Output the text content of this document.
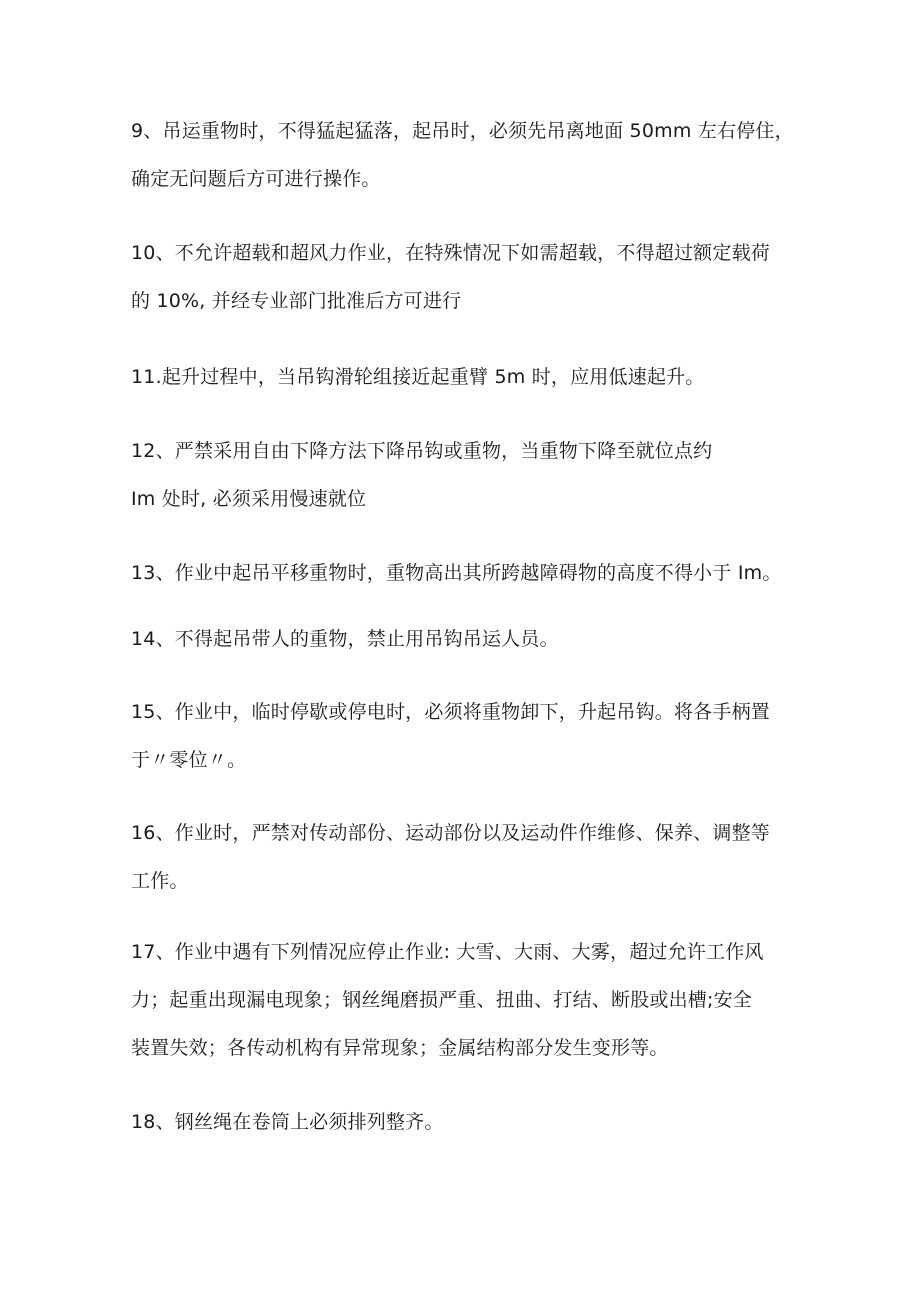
9、吊运重物时，不得猛起猛落，起吊时，必须先吊离地面 50mm 左右停住，
确定无问题后方可进行操作。
10、不允许超载和超风力作业，在特殊情况下如需超载，不得超过额定载荷
的 10%, 并经专业部门批准后方可进行
11.起升过程中，当吊钩滑轮组接近起重臂 5m 时，应用低速起升。
12、严禁采用自由下降方法下降吊钩或重物，当重物下降至就位点约
Im 处时, 必须采用慢速就位
13、作业中起吊平移重物时，重物高出其所跨越障碍物的高度不得小于 Im。
14、不得起吊带人的重物，禁止用吊钩吊运人员。
15、作业中，临时停歇或停电时，必须将重物卸下，升起吊钩。将各手柄置
于〃零位〃。
16、作业时，严禁对传动部份、运动部份以及运动件作维修、保养、调整等
工作。
17、作业中遇有下列情况应停止作业: 大雪、大雨、大雾，超过允许工作风
力；起重出现漏电现象；钢丝绳磨损严重、扭曲、打结、断股或出槽;安全
装置失效；各传动机构有异常现象；金属结构部分发生变形等。
18、钢丝绳在卷筒上必须排列整齐。
